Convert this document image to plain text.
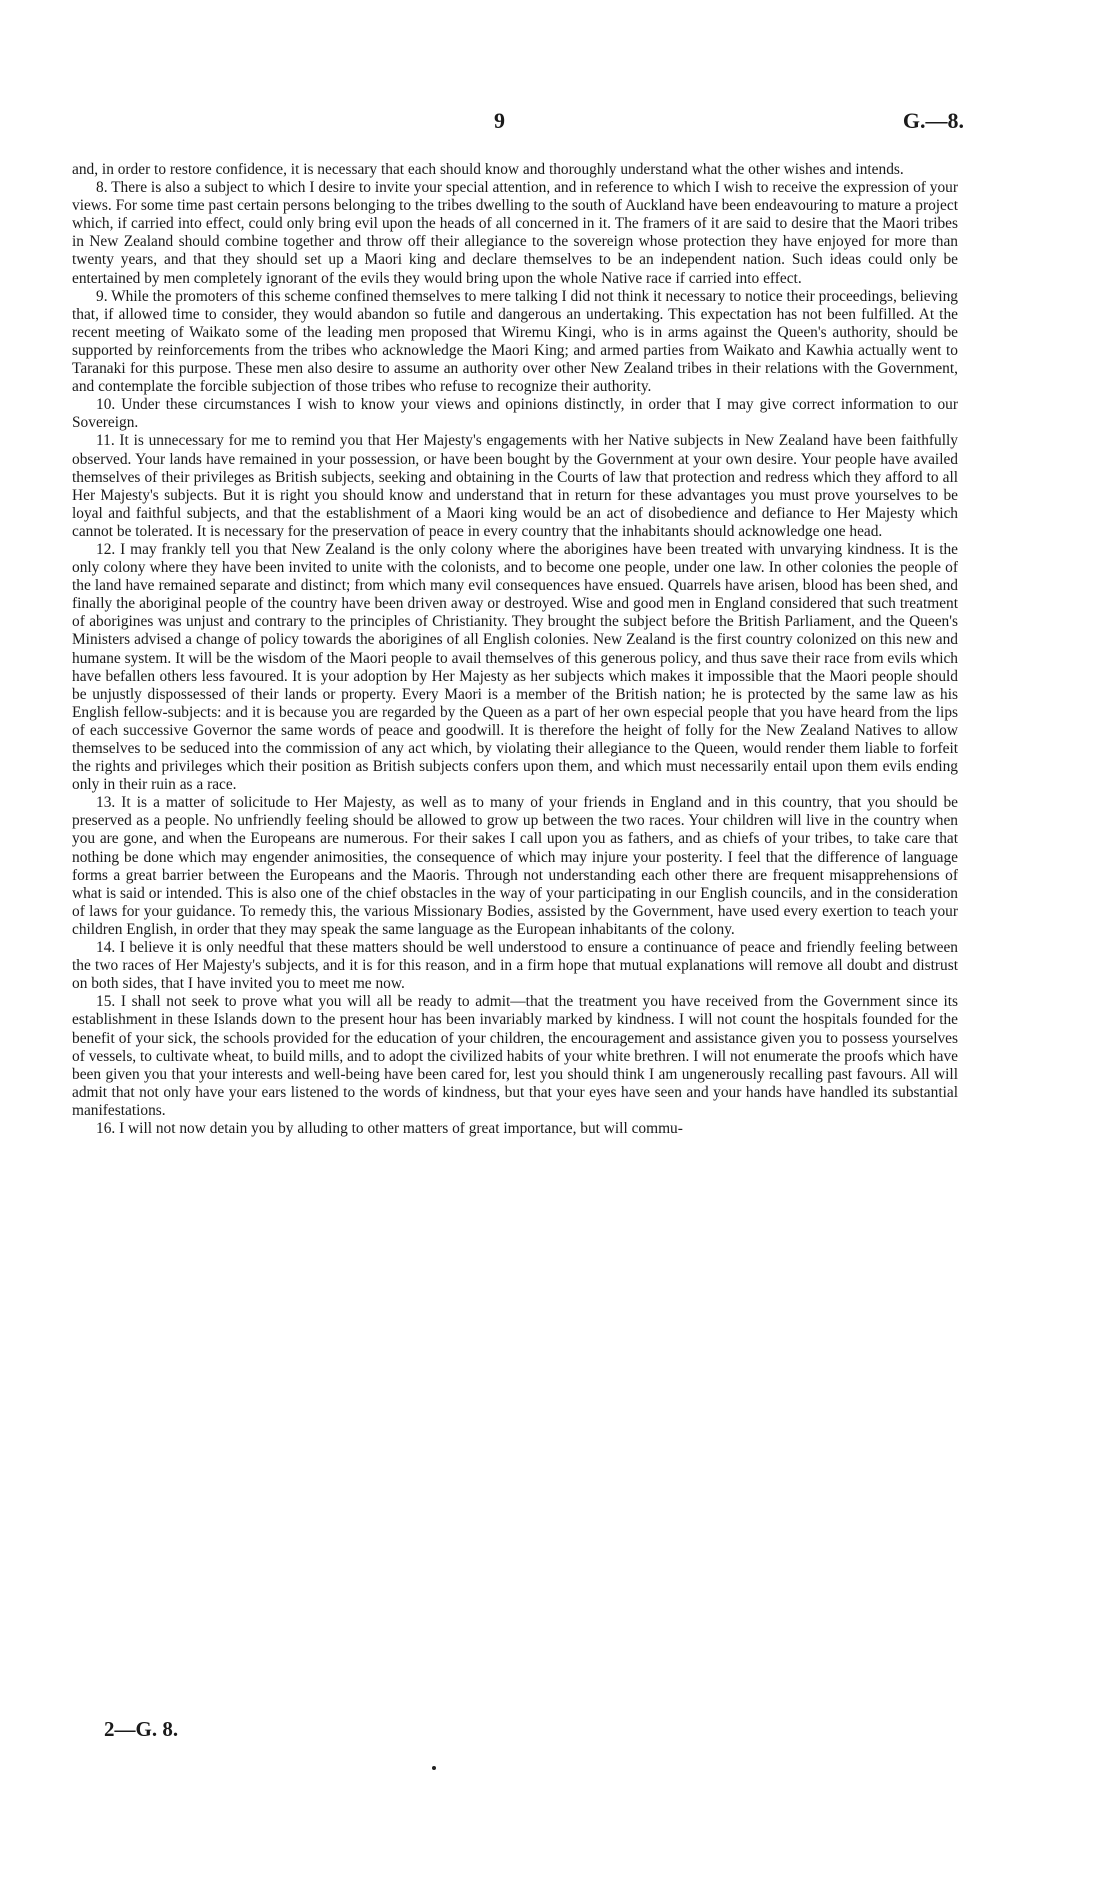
9	G.—8.

and, in order to restore confidence, it is necessary that each should know and thoroughly understand what the other wishes and intends.

8. There is also a subject to which I desire to invite your special attention, and in reference to which I wish to receive the expression of your views. For some time past certain persons belonging to the tribes dwelling to the south of Auckland have been endeavouring to mature a project which, if carried into effect, could only bring evil upon the heads of all concerned in it. The framers of it are said to desire that the Maori tribes in New Zealand should combine together and throw off their allegiance to the sovereign whose protection they have enjoyed for more than twenty years, and that they should set up a Maori king and declare themselves to be an independent nation. Such ideas could only be entertained by men completely ignorant of the evils they would bring upon the whole Native race if carried into effect.

9. While the promoters of this scheme confined themselves to mere talking I did not think it necessary to notice their proceedings, believing that, if allowed time to consider, they would abandon so futile and dangerous an undertaking. This expectation has not been fulfilled. At the recent meeting of Waikato some of the leading men proposed that Wiremu Kingi, who is in arms against the Queen's authority, should be supported by reinforcements from the tribes who acknowledge the Maori King; and armed parties from Waikato and Kawhia actually went to Taranaki for this purpose. These men also desire to assume an authority over other New Zealand tribes in their relations with the Government, and contemplate the forcible subjection of those tribes who refuse to recognize their authority.

10. Under these circumstances I wish to know your views and opinions distinctly, in order that I may give correct information to our Sovereign.

11. It is unnecessary for me to remind you that Her Majesty's engagements with her Native subjects in New Zealand have been faithfully observed. Your lands have remained in your possession, or have been bought by the Government at your own desire. Your people have availed themselves of their privileges as British subjects, seeking and obtaining in the Courts of law that protection and redress which they afford to all Her Majesty's subjects. But it is right you should know and understand that in return for these advantages you must prove yourselves to be loyal and faithful subjects, and that the establishment of a Maori king would be an act of disobedience and defiance to Her Majesty which cannot be tolerated. It is necessary for the preservation of peace in every country that the inhabitants should acknowledge one head.

12. I may frankly tell you that New Zealand is the only colony where the aborigines have been treated with unvarying kindness. It is the only colony where they have been invited to unite with the colonists, and to become one people, under one law. In other colonies the people of the land have remained separate and distinct; from which many evil consequences have ensued. Quarrels have arisen, blood has been shed, and finally the aboriginal people of the country have been driven away or destroyed. Wise and good men in England considered that such treatment of aborigines was unjust and contrary to the principles of Christianity. They brought the subject before the British Parliament, and the Queen's Ministers advised a change of policy towards the aborigines of all English colonies. New Zealand is the first country colonized on this new and humane system. It will be the wisdom of the Maori people to avail themselves of this generous policy, and thus save their race from evils which have befallen others less favoured. It is your adoption by Her Majesty as her subjects which makes it impossible that the Maori people should be unjustly dispossessed of their lands or property. Every Maori is a member of the British nation; he is protected by the same law as his English fellow-subjects: and it is because you are regarded by the Queen as a part of her own especial people that you have heard from the lips of each successive Governor the same words of peace and goodwill. It is therefore the height of folly for the New Zealand Natives to allow themselves to be seduced into the commission of any act which, by violating their allegiance to the Queen, would render them liable to forfeit the rights and privileges which their position as British subjects confers upon them, and which must necessarily entail upon them evils ending only in their ruin as a race.

13. It is a matter of solicitude to Her Majesty, as well as to many of your friends in England and in this country, that you should be preserved as a people. No unfriendly feeling should be allowed to grow up between the two races. Your children will live in the country when you are gone, and when the Europeans are numerous. For their sakes I call upon you as fathers, and as chiefs of your tribes, to take care that nothing be done which may engender animosities, the consequence of which may injure your posterity. I feel that the difference of language forms a great barrier between the Europeans and the Maoris. Through not understanding each other there are frequent misapprehensions of what is said or intended. This is also one of the chief obstacles in the way of your participating in our English councils, and in the consideration of laws for your guidance. To remedy this, the various Missionary Bodies, assisted by the Government, have used every exertion to teach your children English, in order that they may speak the same language as the European inhabitants of the colony.

14. I believe it is only needful that these matters should be well understood to ensure a continuance of peace and friendly feeling between the two races of Her Majesty's subjects, and it is for this reason, and in a firm hope that mutual explanations will remove all doubt and distrust on both sides, that I have invited you to meet me now.

15. I shall not seek to prove what you will all be ready to admit—that the treatment you have received from the Government since its establishment in these Islands down to the present hour has been invariably marked by kindness. I will not count the hospitals founded for the benefit of your sick, the schools provided for the education of your children, the encouragement and assistance given you to possess yourselves of vessels, to cultivate wheat, to build mills, and to adopt the civilized habits of your white brethren. I will not enumerate the proofs which have been given you that your interests and well-being have been cared for, lest you should think I am ungenerously recalling past favours. All will admit that not only have your ears listened to the words of kindness, but that your eyes have seen and your hands have handled its substantial manifestations.

16. I will not now detain you by alluding to other matters of great importance, but will commu-

2—G. 8.
